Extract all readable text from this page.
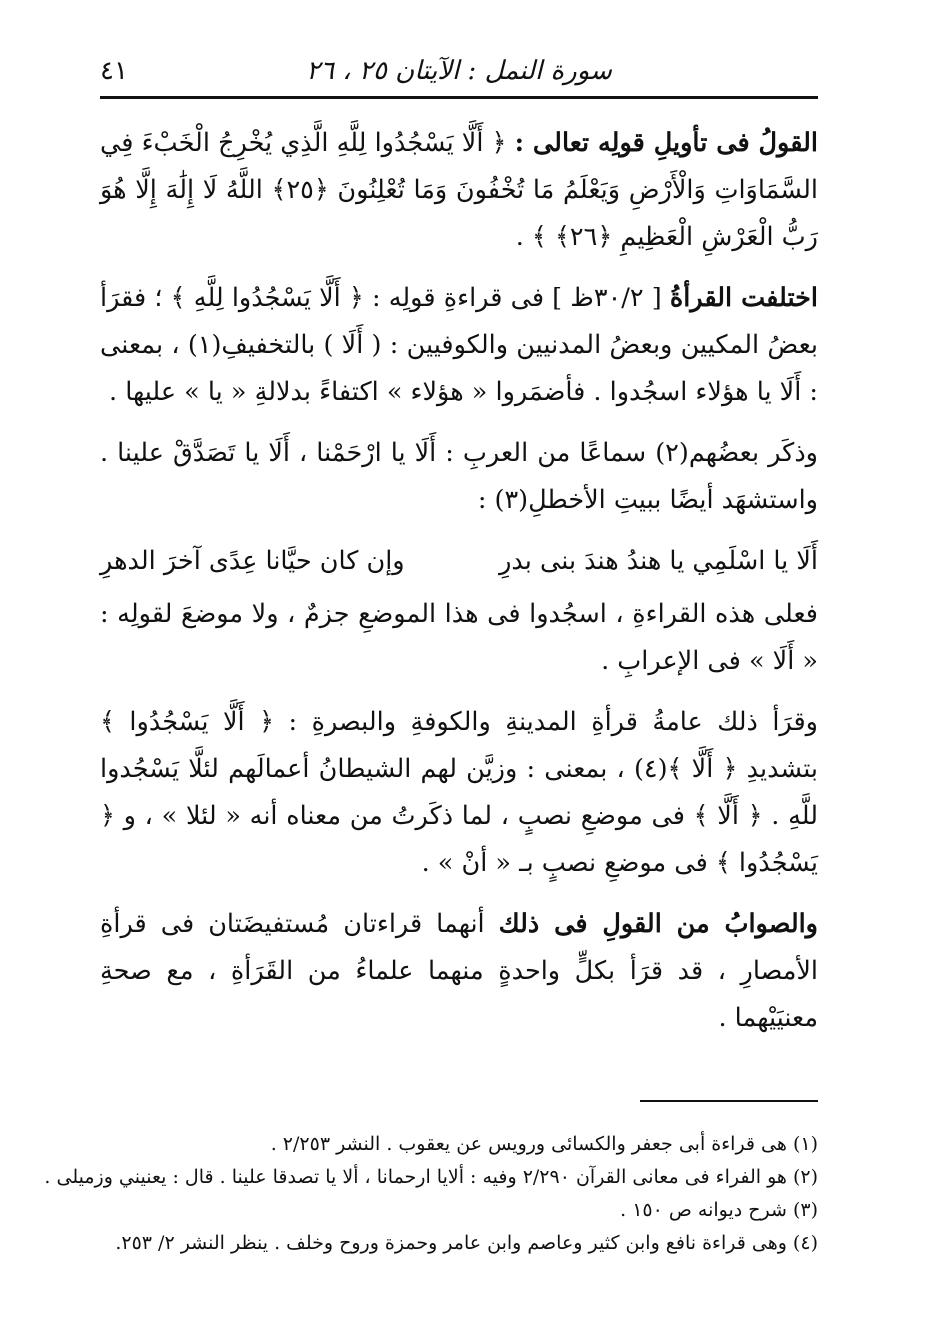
سورة النمل : الآيتان ٢٥ ، ٢٦
٤١

القولُ فى تأويلِ قولِه تعالى : ﴿ أَلَّا يَسْجُدُوا لِلَّهِ الَّذِي يُخْرِجُ الْخَبْءَ فِي السَّمَاوَاتِ وَالْأَرْضِ وَيَعْلَمُ مَا تُخْفُونَ وَمَا تُعْلِنُونَ ﴿٢٥﴾ اللَّهُ لَا إِلَٰهَ إِلَّا هُوَ رَبُّ الْعَرْشِ الْعَظِيمِ ﴿٢٦﴾ ﴾ .

اختلفت القرأةُ [ ٣٠/٢ظ ] فى قراءةِ قولِه : ﴿ أَلَّا يَسْجُدُوا لِلَّهِ ﴾ ؛ فقرَأ بعضُ المكيين وبعضُ المدنيين والكوفيين : ( أَلَا ) بالتخفيفِ(١) ، بمعنى : أَلَا يا هؤلاء اسجُدوا . فأضمَروا « هؤلاء » اكتفاءً بدلالةِ « يا » عليها .

وذكَر بعضُهم(٢) سماعًا من العربِ : أَلَا يا ارْحَمْنا ، أَلَا يا تَصَدَّقْ علينا . واستشهَد أيضًا ببيتِ الأخطلِ(٣) :

أَلَا يا اسْلَمِي يا هندُ هندَ بنى بدرِ
وإن كان حيَّانا عِدًى آخرَ الدهرِ

فعلى هذه القراءةِ ، اسجُدوا فى هذا الموضعِ جزمٌ ، ولا موضعَ لقولِه : « أَلَا » فى الإعرابِ .

وقرَأ ذلك عامةُ قرأةِ المدينةِ والكوفةِ والبصرةِ : ﴿ أَلَّا يَسْجُدُوا ﴾ بتشديدِ ﴿ أَلَّا ﴾(٤) ، بمعنى : وزيَّن لهم الشيطانُ أعمالَهم لئلَّا يَسْجُدوا للَّهِ . ﴿ أَلَّا ﴾ فى موضعِ نصبٍ ، لما ذكَرتُ من معناه أنه « لئلا » ، و ﴿ يَسْجُدُوا ﴾ فى موضعِ نصبٍ بـ « أنْ » .

والصوابُ من القولِ فى ذلك أنهما قراءتان مُستفيضَتان فى قرأةِ الأمصارِ ، قد قرَأ بكلٍّ واحدةٍ منهما علماءُ من القَرَأةِ ، مع صحةِ معنيَيْهما .

(١) هى قراءة أبى جعفر والكسائى ورويس عن يعقوب . النشر ٢/٢٥٣ .
(٢) هو الفراء فى معانى القرآن ٢/٢٩٠ وفيه : ألايا ارحمانا ، ألا يا تصدقا علينا . قال : يعنيني وزميلى .
(٣) شرح ديوانه ص ١٥٠ .
(٤) وهى قراءة نافع وابن كثير وعاصم وابن عامر وحمزة وروح وخلف . ينظر النشر ٢/ ٢٥٣.
